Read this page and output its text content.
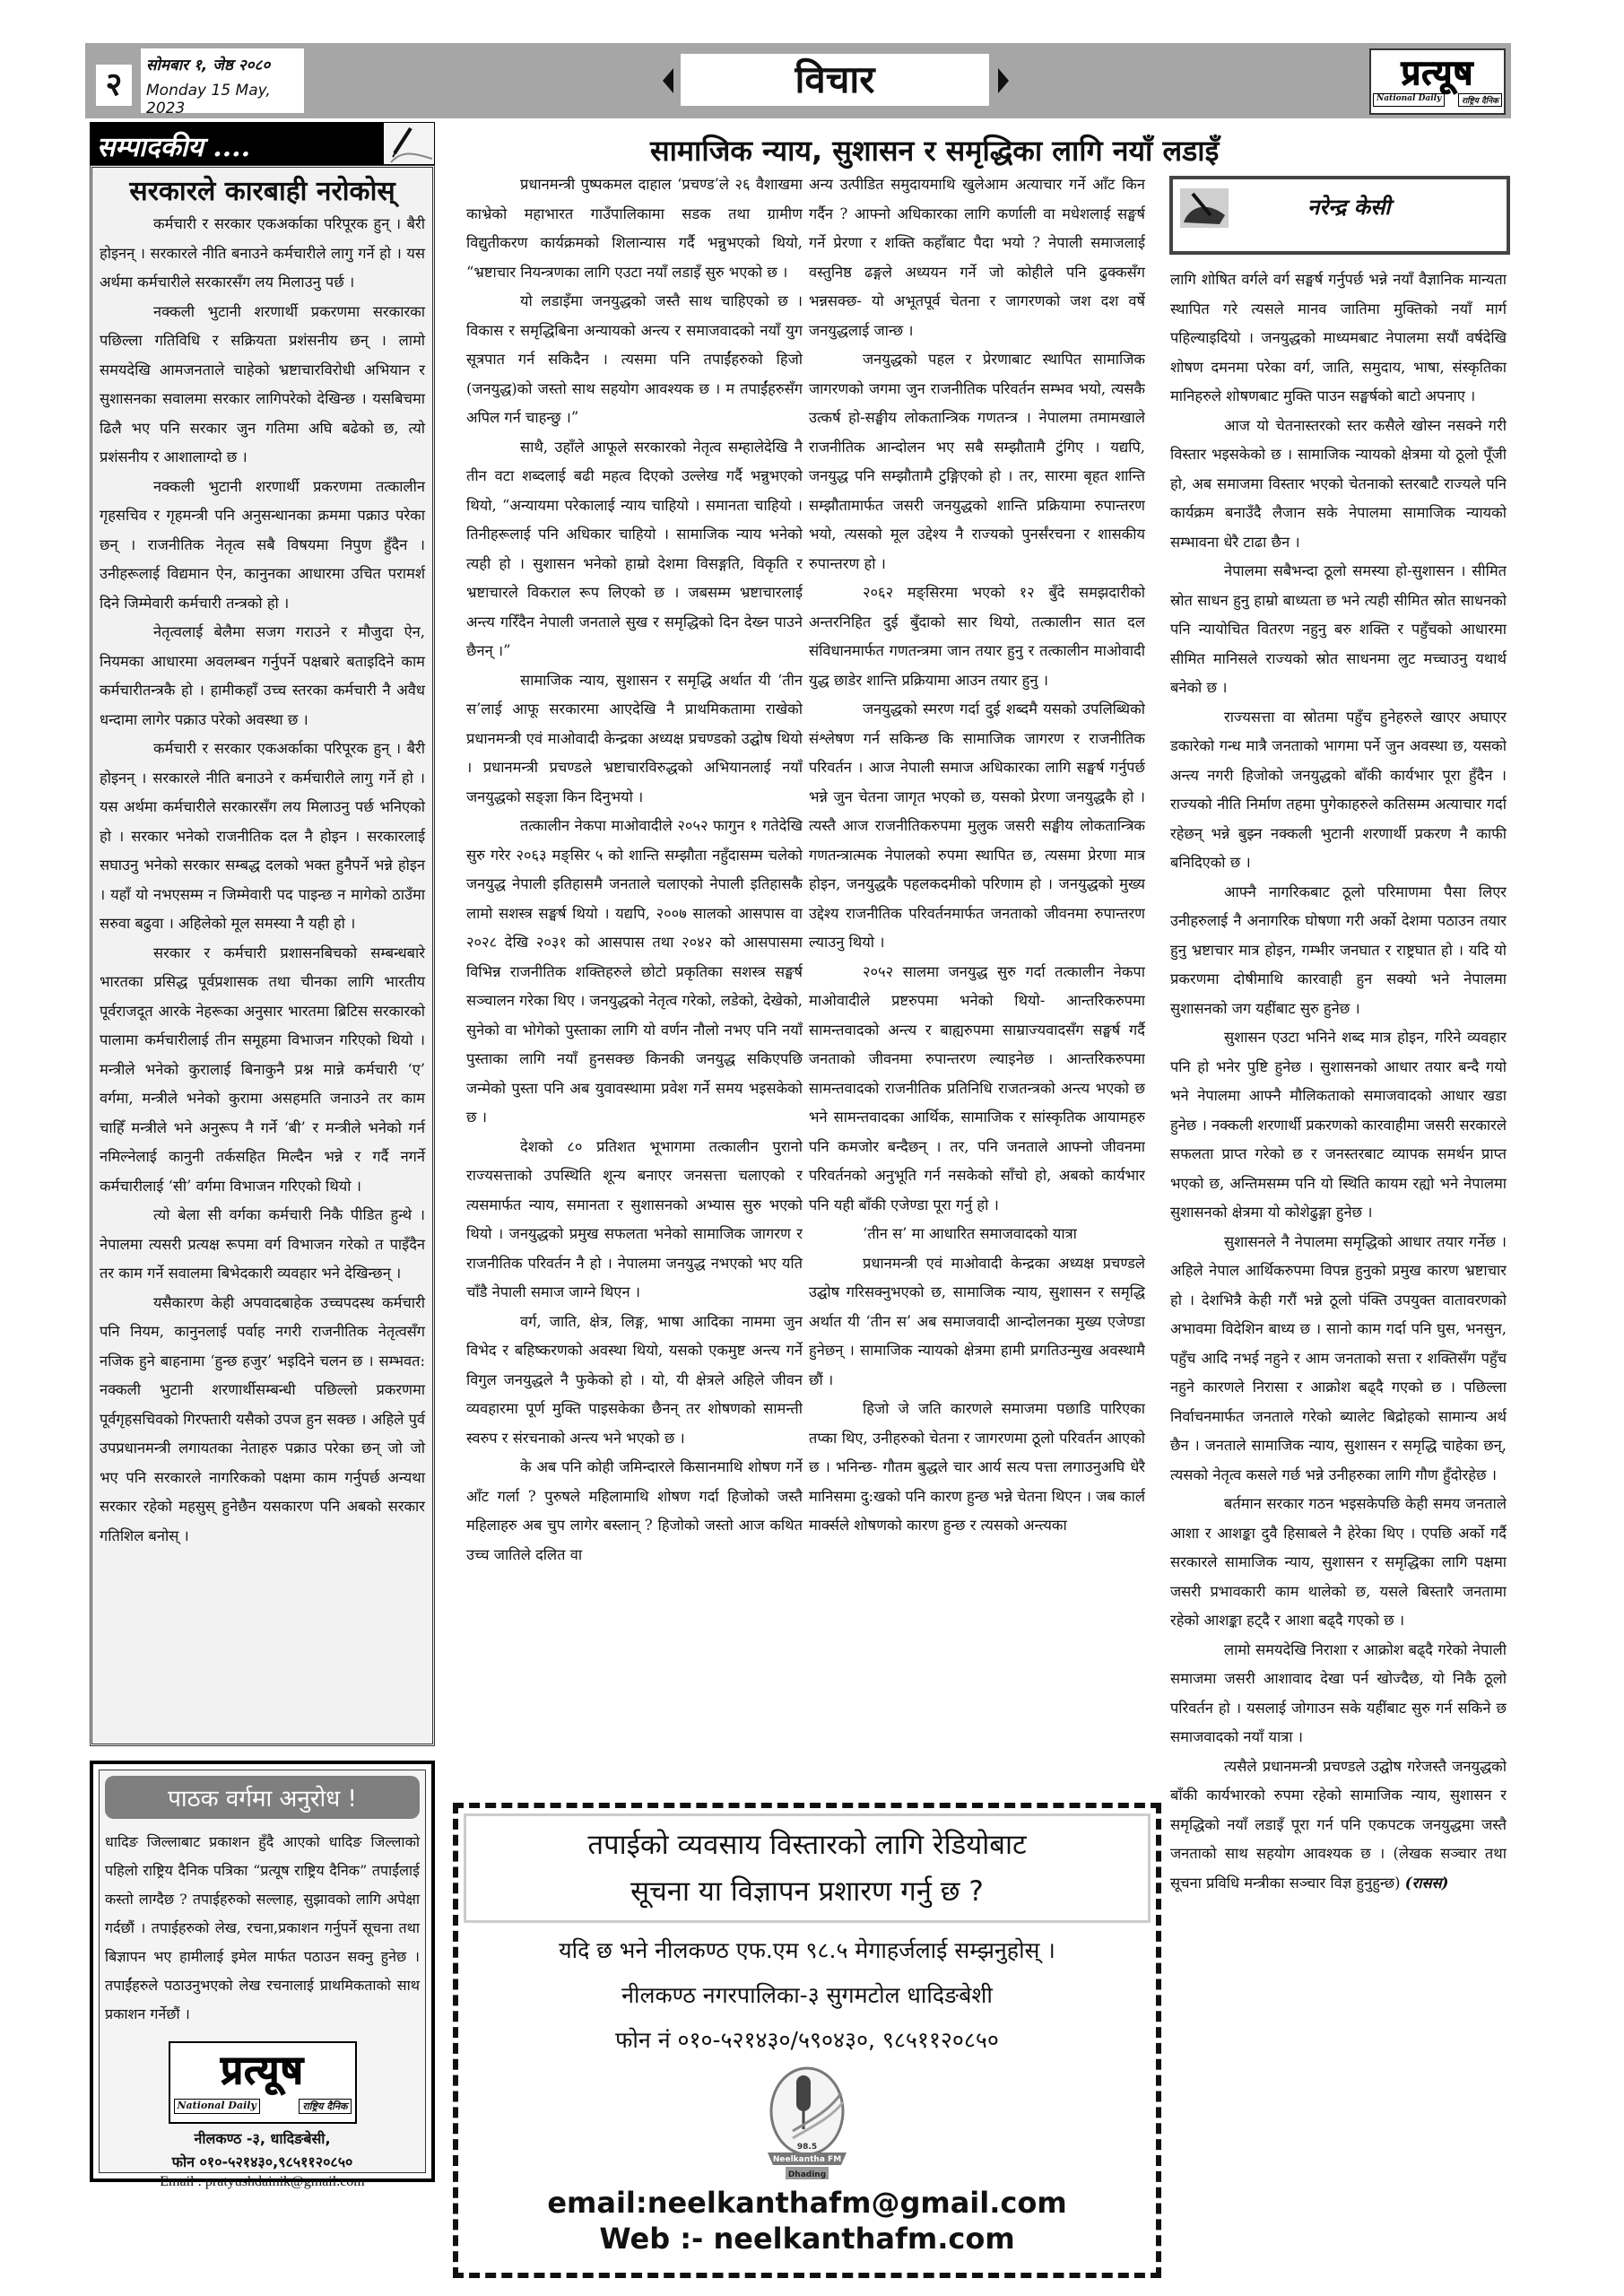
२
सोमबार १, जेष्ठ २०८०
Monday 15 May, 2023
विचार	प्रत्यूष
National Daily	राष्ट्रिय दैनिक
सम्पादकीय ....
सरकारले कारबाही नरोकोस्

कर्मचारी र सरकार एकअर्काका परिपूरक हुन् । बैरी होइनन् । सरकारले नीति बनाउने कर्मचारीले लागु गर्ने हो । यस अर्थमा कर्मचारीले सरकारसँग लय मिलाउनु पर्छ ।

नक्कली भुटानी शरणार्थी प्रकरणमा सरकारका पछिल्ला गतिविधि र सक्रियता प्रशंसनीय छन् । लामो समयदेखि आमजनताले चाहेको भ्रष्टाचारविरोधी अभियान र सुशासनका सवालमा सरकार लागिपरेको देखिन्छ । यसबिचमा ढिलै भए पनि सरकार जुन गतिमा अघि बढेको छ, त्यो प्रशंसनीय र आशालाग्दो छ ।

नक्कली भुटानी शरणार्थी प्रकरणमा तत्कालीन गृहसचिव र गृहमन्त्री पनि अनुसन्धानका क्रममा पक्राउ परेका छन् । राजनीतिक नेतृत्व सबै विषयमा निपुण हुँदैन । उनीहरूलाई विद्यमान ऐन, कानुनका आधारमा उचित परामर्श दिने जिम्मेवारी कर्मचारी तन्त्रको हो ।

नेतृत्वलाई बेलैमा सजग गराउने र मौजुदा ऐन, नियमका आधारमा अवलम्बन गर्नुपर्ने पक्षबारे बताइदिने काम कर्मचारीतन्त्रकै हो । हामीकहाँ उच्च स्तरका कर्मचारी नै अवैध धन्दामा लागेर पक्राउ परेको अवस्था छ ।

कर्मचारी र सरकार एकअर्काका परिपूरक हुन् । बैरी होइनन् । सरकारले नीति बनाउने र कर्मचारीले लागु गर्ने हो । यस अर्थमा कर्मचारीले सरकारसँग लय मिलाउनु पर्छ भनिएको हो । सरकार भनेको राजनीतिक दल नै होइन । सरकारलाई सघाउनु भनेको सरकार सम्बद्ध दलको भक्त हुनैपर्ने भन्ने होइन । यहाँ यो नभएसम्म न जिम्मेवारी पद पाइन्छ न मागेको ठाउँमा सरुवा बढुवा । अहिलेको मूल समस्या नै यही हो ।

सरकार र कर्मचारी प्रशासनबिचको सम्बन्धबारे भारतका प्रसिद्ध पूर्वप्रशासक तथा चीनका लागि भारतीय पूर्वराजदूत आरके नेहरूका अनुसार भारतमा ब्रिटिस सरकारको पालामा कर्मचारीलाई तीन समूहमा विभाजन गरिएको थियो । मन्त्रीले भनेको कुरालाई बिनाकुनै प्रश्न मान्ने कर्मचारी ‘ए’ वर्गमा, मन्त्रीले भनेको कुरामा असहमति जनाउने तर काम चाहिँ मन्त्रीले भने अनुरूप नै गर्ने ‘बी’ र मन्त्रीले भनेको गर्न नमिल्नेलाई कानुनी तर्कसहित मिल्दैन भन्ने र गर्दै नगर्ने कर्मचारीलाई ‘सी’ वर्गमा विभाजन गरिएको थियो ।

त्यो बेला सी वर्गका कर्मचारी निकै पीडित हुन्थे । नेपालमा त्यसरी प्रत्यक्ष रूपमा वर्ग विभाजन गरेको त पाइँदैन तर काम गर्ने सवालमा बिभेदकारी व्यवहार भने देखिन्छन् ।

यसैकारण केही अपवादबाहेक उच्चपदस्थ कर्मचारी पनि नियम, कानुनलाई पर्वाह नगरी राजनीतिक नेतृत्वसँग नजिक हुने बाहनामा ‘हुन्छ हजुर’ भइदिने चलन छ । सम्भवत: नक्कली भुटानी शरणार्थीसम्बन्धी पछिल्लो प्रकरणमा पूर्वगृहसचिवको गिरफ्तारी यसैको उपज हुन सक्छ । अहिले पुर्व उपप्रधानमन्त्री लगायतका नेताहरु पक्राउ परेका छन् जो जो भए पनि सरकारले नागरिकको पक्षमा काम गर्नुपर्छ अन्यथा सरकार रहेको महसुस् हुनेछैन यसकारण पनि अबको सरकार गतिशिल बनोस् ।

पाठक वर्गमा अनुरोध !

धादिङ जिल्लाबाट प्रकाशन हुँदै आएको धादिङ जिल्लाको पहिलो राष्ट्रिय दैनिक पत्रिका “प्रत्यूष राष्ट्रिय दैनिक” तपाईंलाई कस्तो लाग्दैछ ? तपाईहरुको सल्लाह, सुझावको लागि अपेक्षा गर्दछौं । तपाईहरुको लेख, रचना,प्रकाशन गर्नुपर्ने सूचना तथा बिज्ञापन भए हामीलाई इमेल मार्फत पठाउन सक्नु हुनेछ । तपाईंहरुले पठाउनुभएको लेख रचनालाई प्राथमिकताको साथ प्रकाशन गर्नेछौं ।

प्रत्यूष
National Daily	राष्ट्रिय दैनिक
नीलकण्ठ -३, धादिङबेसी,
फोन ०१०-५२१४३०,९८५११२०८५०
Email : pratyushdainik@gmail.com
सामाजिक न्याय, सुशासन र समृद्धिका लागि नयाँ लडाइँ

प्रधानमन्त्री पुष्पकमल दाहाल ‘प्रचण्ड’ले २६ वैशाखमा काभ्रेको महाभारत गाउँपालिकामा सडक तथा ग्रामीण विद्युतीकरण कार्यक्रमको शिलान्यास गर्दै भन्नुभएको थियो, “भ्रष्टाचार नियन्त्रणका लागि एउटा नयाँ लडाइँ सुरु भएको छ ।

यो लडाइँमा जनयुद्धको जस्तै साथ चाहिएको छ । विकास र समृद्धिबिना अन्यायको अन्त्य र समाजवादको नयाँ युग सूत्रपात गर्न सकिदैन । त्यसमा पनि तपाईंहरुको हिजो (जनयुद्ध)को जस्तो साथ सहयोग आवश्यक छ । म तपाईंहरुसँग अपिल गर्न चाहन्छु ।”

साथै, उहाँले आफूले सरकारको नेतृत्व सम्हालेदेखि नै तीन वटा शब्दलाई बढी महत्व दिएको उल्लेख गर्दै भन्नुभएको थियो, “अन्यायमा परेकालाई न्याय चाहियो । समानता चाहियो । तिनीहरूलाई पनि अधिकार चाहियो । सामाजिक न्याय भनेको त्यही हो । सुशासन भनेको हाम्रो देशमा विसङ्गति, विकृति र भ्रष्टाचारले विकराल रूप लिएको छ । जबसम्म भ्रष्टाचारलाई अन्त्य गरिँदैन नेपाली जनताले सुख र समृद्धिको दिन देख्न पाउने छैनन् ।”

सामाजिक न्याय, सुशासन र समृद्धि अर्थात यी ‘तीन स’लाई आफू सरकारमा आएदेखि नै प्राथमिकतामा राखेको प्रधानमन्त्री एवं माओवादी केन्द्रका अध्यक्ष प्रचण्डको उद्घोष थियो । प्रधानमन्त्री प्रचण्डले भ्रष्टाचारविरुद्धको अभियानलाई नयाँ जनयुद्धको सङ्ज्ञा किन दिनुभयो ।

तत्कालीन नेकपा माओवादीले २०५२ फागुन १ गतेदेखि सुरु गरेर २०६३ मङ्सिर ५ को शान्ति सम्झौता नहुँदासम्म चलेको जनयुद्ध नेपाली इतिहासमै जनताले चलाएको नेपाली इतिहासकै लामो सशस्त्र सङ्घर्ष थियो । यद्यपि, २००७ सालको आसपास वा २०२८ देखि २०३१ को आसपास तथा २०४२ को आसपासमा विभिन्न राजनीतिक शक्तिहरुले छोटो प्रकृतिका सशस्त्र सङ्घर्ष सञ्चालन गरेका थिए । जनयुद्धको नेतृत्व गरेको, लडेको, देखेको, सुनेको वा भोगेको पुस्ताका लागि यो वर्णन नौलो नभए पनि नयाँ पुस्ताका लागि नयाँ हुनसक्छ किनकी जनयुद्ध सकिएपछि जन्मेको पुस्ता पनि अब युवावस्थामा प्रवेश गर्ने समय भइसकेको छ ।

देशको ८० प्रतिशत भूभागमा तत्कालीन पुरानो राज्यसत्ताको उपस्थिति शून्य बनाएर जनसत्ता चलाएको र त्यसमार्फत न्याय, समानता र सुशासनको अभ्यास सुरु भएको थियो । जनयुद्धको प्रमुख सफलता भनेको सामाजिक जागरण र राजनीतिक परिवर्तन नै हो । नेपालमा जनयुद्ध नभएको भए यति चाँडै नेपाली समाज जाग्ने थिएन ।

वर्ग, जाति, क्षेत्र, लिङ्ग, भाषा आदिका नाममा जुन विभेद र बहिष्करणको अवस्था थियो, यसको एकमुष्ट अन्त्य गर्ने विगुल जनयुद्धले नै फुकेको हो । यो, यी क्षेत्रले अहिले जीवन व्यवहारमा पूर्ण मुक्ति पाइसकेका छैनन् तर शोषणको सामन्ती स्वरुप र संरचनाको अन्त्य भने भएको छ ।

के अब पनि कोही जमिन्दारले किसानमाथि शोषण गर्ने आँट गर्ला ? पुरुषले महिलामाथि शोषण गर्दा हिजोको जस्तै महिलाहरु अब चुप लागेर बस्लान् ? हिजोको जस्तो आज कथित उच्च जातिले दलित वा

अन्य उत्पीडित समुदायमाथि खुलेआम अत्याचार गर्ने आँट किन गर्दैन ? आफ्नो अधिकारका लागि कर्णाली वा मधेशलाई सङ्घर्ष गर्ने प्रेरणा र शक्ति कहाँबाट पैदा भयो ? नेपाली समाजलाई वस्तुनिष्ठ ढङ्गले अध्ययन गर्ने जो कोहीले पनि ढुक्कसँग भन्नसक्छ- यो अभूतपूर्व चेतना र जागरणको जश दश वर्षे जनयुद्धलाई जान्छ ।

जनयुद्धको पहल र प्रेरणाबाट स्थापित सामाजिक जागरणको जगमा जुन राजनीतिक परिवर्तन सम्भव भयो, त्यसकै उत्कर्ष हो-सङ्घीय लोकतान्त्रिक गणतन्त्र । नेपालमा तमामखाले राजनीतिक आन्दोलन भए सबै सम्झौतामै टुंगिए । यद्यपि, जनयुद्ध पनि सम्झौतामै टुङ्गिएको हो । तर, सारमा बृहत शान्ति सम्झौतामार्फत जसरी जनयुद्धको शान्ति प्रक्रियामा रुपान्तरण भयो, त्यसको मूल उद्देश्य नै राज्यको पुनर्संरचना र शासकीय रुपान्तरण हो ।

२०६२ मङ्सिरमा भएको १२ बुँदे समझदारीको अन्तरनिहित दुई बुँदाको सार थियो, तत्कालीन सात दल संविधानमार्फत गणतन्त्रमा जान तयार हुनु र तत्कालीन माओवादी युद्ध छाडेर शान्ति प्रक्रियामा आउन तयार हुनु ।

जनयुद्धको स्मरण गर्दा दुई शब्दमै यसको उपलिब्धिको संश्लेषण गर्न सकिन्छ कि सामाजिक जागरण र राजनीतिक परिवर्तन । आज नेपाली समाज अधिकारका लागि सङ्घर्ष गर्नुपर्छ भन्ने जुन चेतना जागृत भएको छ, यसको प्रेरणा जनयुद्धकै हो । त्यस्तै आज राजनीतिकरुपमा मुलुक जसरी सङ्घीय लोकतान्त्रिक गणतन्त्रात्मक नेपालको रुपमा स्थापित छ, त्यसमा प्रेरणा मात्र होइन, जनयुद्धकै पहलकदमीको परिणाम हो । जनयुद्धको मुख्य उद्देश्य राजनीतिक परिवर्तनमार्फत जनताको जीवनमा रुपान्तरण ल्याउनु थियो ।

२०५२ सालमा जनयुद्ध सुरु गर्दा तत्कालीन नेकपा माओवादीले प्रष्टरुपमा भनेको थियो- आन्तरिकरुपमा सामन्तवादको अन्त्य र बाह्यरुपमा साम्राज्यवादसँग सङ्घर्ष गर्दै जनताको जीवनमा रुपान्तरण ल्याइनेछ । आन्तरिकरुपमा सामन्तवादको राजनीतिक प्रतिनिधि राजतन्त्रको अन्त्य भएको छ भने सामन्तवादका आर्थिक, सामाजिक र सांस्कृतिक आयामहरु पनि कमजोर बन्दैछन् । तर, पनि जनताले आफ्नो जीवनमा परिवर्तनको अनुभूति गर्न नसकेको साँचो हो, अबको कार्यभार पनि यही बाँकी एजेण्डा पूरा गर्नु हो ।

‘तीन स’ मा आधारित समाजवादको यात्रा

प्रधानमन्त्री एवं माओवादी केन्द्रका अध्यक्ष प्रचण्डले उद्घोष गरिसक्नुभएको छ, सामाजिक न्याय, सुशासन र समृद्धि अर्थात यी ‘तीन स’ अब समाजवादी आन्दोलनका मुख्य एजेण्डा हुनेछन् । सामाजिक न्यायको क्षेत्रमा हामी प्रगतिउन्मुख अवस्थामै छौं ।

हिजो जे जति कारणले समाजमा पछाडि पारिएका तप्का थिए, उनीहरुको चेतना र जागरणमा ठूलो परिवर्तन आएको छ । भनिन्छ- गौतम बुद्धले चार आर्य सत्य पत्ता लगाउनुअघि धेरै मानिसमा दु:खको पनि कारण हुन्छ भन्ने चेतना थिएन । जब कार्ल मार्क्सले शोषणको कारण हुन्छ र त्यसको अन्त्यका

नरेन्द्र केसी

लागि शोषित वर्गले वर्ग सङ्घर्ष गर्नुपर्छ भन्ने नयाँ वैज्ञानिक मान्यता स्थापित गरे त्यसले मानव जातिमा मुक्तिको नयाँ मार्ग पहिल्याइदियो । जनयुद्धको माध्यमबाट नेपालमा सयौं वर्षदेखि शोषण दमनमा परेका वर्ग, जाति, समुदाय, भाषा, संस्कृतिका मानिहरुले शोषणबाट मुक्ति पाउन सङ्घर्षको बाटो अपनाए ।

आज यो चेतनास्तरको स्तर कसैले खोस्न नसक्ने गरी विस्तार भइसकेको छ । सामाजिक न्यायको क्षेत्रमा यो ठूलो पूँजी हो, अब समाजमा विस्तार भएको चेतनाको स्तरबाटै राज्यले पनि कार्यक्रम बनाउँदै लैजान सके नेपालमा सामाजिक न्यायको सम्भावना धेरै टाढा छैन ।

नेपालमा सबैभन्दा ठूलो समस्या हो-सुशासन । सीमित स्रोत साधन हुनु हाम्रो बाध्यता छ भने त्यही सीमित स्रोत साधनको पनि न्यायोचित वितरण नहुनु बरु शक्ति र पहुँचको आधारमा सीमित मानिसले राज्यको स्रोत साधनमा लुट मच्चाउनु यथार्थ बनेको छ ।

राज्यसत्ता वा स्रोतमा पहुँच हुनेहरुले खाएर अघाएर डकारेको गन्ध मात्रै जनताको भागमा पर्ने जुन अवस्था छ, यसको अन्त्य नगरी हिजोको जनयुद्धको बाँकी कार्यभार पूरा हुँदैन । राज्यको नीति निर्माण तहमा पुगेकाहरुले कतिसम्म अत्याचार गर्दा रहेछन् भन्ने बुझ्न नक्कली भुटानी शरणार्थी प्रकरण नै काफी बनिदिएको छ ।

आफ्नै नागरिकबाट ठूलो परिमाणमा पैसा लिएर उनीहरुलाई नै अनागरिक घोषणा गरी अर्को देशमा पठाउन तयार हुनु भ्रष्टाचार मात्र होइन, गम्भीर जनघात र राष्ट्रघात हो । यदि यो प्रकरणमा दोषीमाथि कारवाही हुन सक्यो भने नेपालमा सुशासनको जग यहींबाट सुरु हुनेछ ।

सुशासन एउटा भनिने शब्द मात्र होइन, गरिने व्यवहार पनि हो भनेर पुष्टि हुनेछ । सुशासनको आधार तयार बन्दै गयो भने नेपालमा आफ्नै मौलिकताको समाजवादको आधार खडा हुनेछ । नक्कली शरणार्थी प्रकरणको कारवाहीमा जसरी सरकारले सफलता प्राप्त गरेको छ र जनस्तरबाट व्यापक समर्थन प्राप्त भएको छ, अन्तिमसम्म पनि यो स्थिति कायम रह्यो भने नेपालमा सुशासनको क्षेत्रमा यो कोशेढुङ्गा हुनेछ ।

सुशासनले नै नेपालमा समृद्धिको आधार तयार गर्नेछ । अहिले नेपाल आर्थिकरुपमा विपन्न हुनुको प्रमुख कारण भ्रष्टाचार हो । देशभित्रै केही गरौं भन्ने ठूलो पंक्ति उपयुक्त वातावरणको अभावमा विदेशिन बाध्य छ । सानो काम गर्दा पनि घुस, भनसुन, पहुँच आदि नभई नहुने र आम जनताको सत्ता र शक्तिसँग पहुँच नहुने कारणले निरासा र आक्रोश बढ्दै गएको छ । पछिल्ला निर्वाचनमार्फत जनताले गरेको ब्यालेट बिद्रोहको सामान्य अर्थ छैन । जनताले सामाजिक न्याय, सुशासन र समृद्धि चाहेका छन्, त्यसको नेतृत्व कसले गर्छ भन्ने उनीहरुका लागि गौण हुँदोरहेछ ।

बर्तमान सरकार गठन भइसकेपछि केही समय जनताले आशा र आशङ्का दुवै हिसाबले नै हेरेका थिए । एपछि अर्को गर्दै सरकारले सामाजिक न्याय, सुशासन र समृद्धिका लागि पक्षमा जसरी प्रभावकारी काम थालेको छ, यसले बिस्तारै जनतामा रहेको आशङ्का हट्दै र आशा बढ्दै गएको छ ।

लामो समयदेखि निराशा र आक्रोश बढ्दै गरेको नेपाली समाजमा जसरी आशावाद देखा पर्न खोज्दैछ, यो निकै ठूलो परिवर्तन हो । यसलाई जोगाउन सके यहींबाट सुरु गर्न सकिने छ समाजवादको नयाँ यात्रा ।

त्यसैले प्रधानमन्त्री प्रचण्डले उद्घोष गरेजस्तै जनयुद्धको बाँकी कार्यभारको रुपमा रहेको सामाजिक न्याय, सुशासन र समृद्धिको नयाँ लडाइँ पूरा गर्न पनि एकपटक जनयुद्धमा जस्तै जनताको साथ सहयोग आवश्यक छ । (लेखक सञ्चार तथा सूचना प्रविधि मन्त्रीका सञ्चार विज्ञ हुनुहुन्छ) (रासस)

तपाईको व्यवसाय विस्तारको लागि रेडियोबाट
सूचना या विज्ञापन प्रशारण गर्नु छ ?
यदि छ भने नीलकण्ठ एफ.एम ९८.५ मेगाहर्जलाई सम्झनुहोस् ।
नीलकण्ठ नगरपालिका-३ सुगमटोल धादिङबेशी
फोन नं ०१०-५२१४३०/५९०४३०, ९८५११२०८५०
98.5
Neelkantha FM
Dhading
email:neelkanthafm@gmail.com
Web :- neelkanthafm.com
